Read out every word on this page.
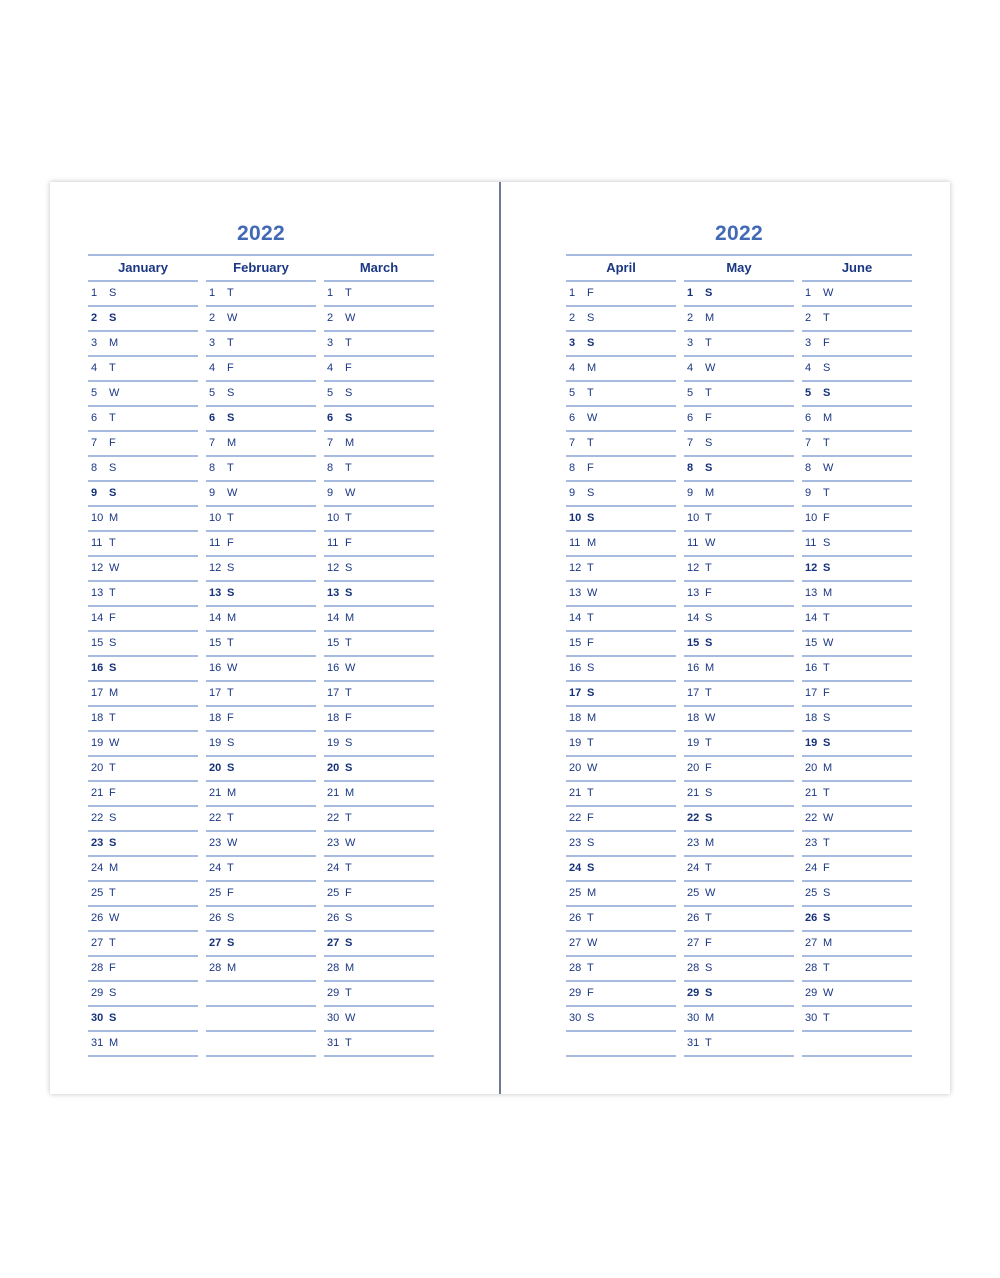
2022
January
1 S
2 S
3 M
4 T
5 W
6 T
7 F
8 S
9 S
10 M
11 T
12 W
13 T
14 F
15 S
16 S
17 M
18 T
19 W
20 T
21 F
22 S
23 S
24 M
25 T
26 W
27 T
28 F
29 S
30 S
31 M
February
1 T
2 W
3 T
4 F
5 S
6 S
7 M
8 T
9 W
10 T
11 F
12 S
13 S
14 M
15 T
16 W
17 T
18 F
19 S
20 S
21 M
22 T
23 W
24 T
25 F
26 S
27 S
28 M
March
1 T
2 W
3 T
4 F
5 S
6 S
7 M
8 T
9 W
10 T
11 F
12 S
13 S
14 M
15 T
16 W
17 T
18 F
19 S
20 S
21 M
22 T
23 W
24 T
25 F
26 S
27 S
28 M
29 T
30 W
31 T
2022
April
1 F
2 S
3 S
4 M
5 T
6 W
7 T
8 F
9 S
10 S
11 M
12 T
13 W
14 T
15 F
16 S
17 S
18 M
19 T
20 W
21 T
22 F
23 S
24 S
25 M
26 T
27 W
28 T
29 F
30 S
May
1 S
2 M
3 T
4 W
5 T
6 F
7 S
8 S
9 M
10 T
11 W
12 T
13 F
14 S
15 S
16 M
17 T
18 W
19 T
20 F
21 S
22 S
23 M
24 T
25 W
26 T
27 F
28 S
29 S
30 M
31 T
June
1 W
2 T
3 F
4 S
5 S
6 M
7 T
8 W
9 T
10 F
11 S
12 S
13 M
14 T
15 W
16 T
17 F
18 S
19 S
20 M
21 T
22 W
23 T
24 F
25 S
26 S
27 M
28 T
29 W
30 T
